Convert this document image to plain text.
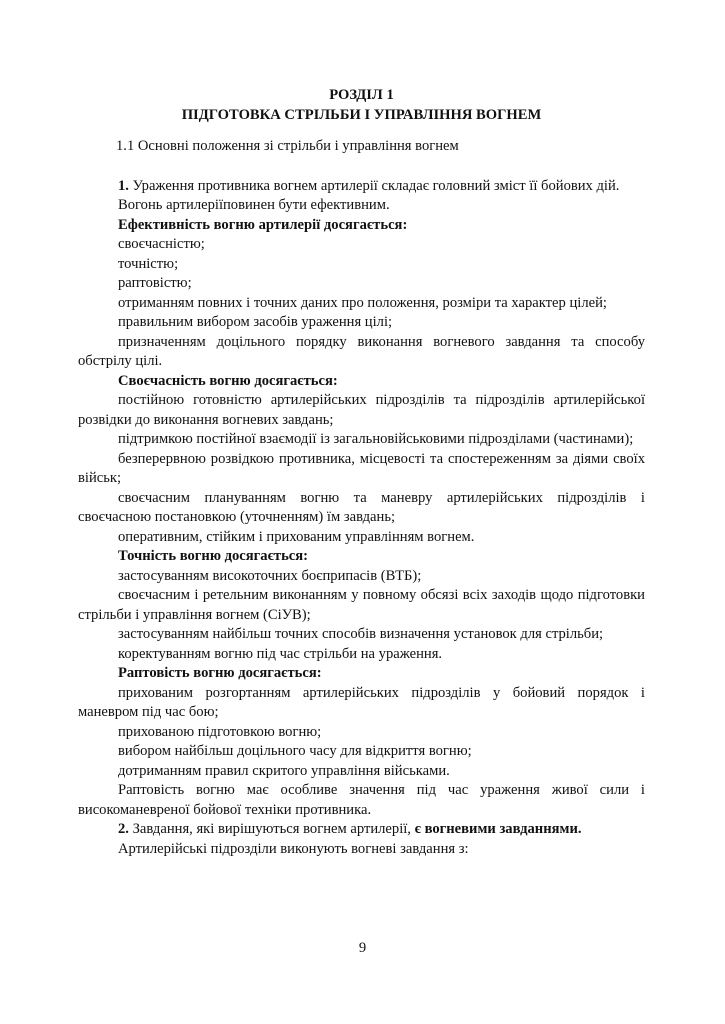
РОЗДІЛ 1
ПІДГОТОВКА СТРІЛЬБИ І УПРАВЛІННЯ ВОГНЕМ

1.1 Основні положення зі стрільби і управління вогнем

1. Ураження противника вогнем артилерії складає головний зміст її бойових дій.

Вогонь артилеріїповинен бути ефективним.

Ефективність вогню артилерії досягається:

своєчасністю;

точністю;

раптовістю;

отриманням повних і точних даних про положення, розміри та характер цілей;

правильним вибором засобів ураження цілі;

призначенням доцільного порядку виконання вогневого завдання та способу обстрілу цілі.

Своєчасність вогню досягається:

постійною готовністю артилерійських підрозділів та підрозділів артилерійської розвідки до виконання вогневих завдань;

підтримкою постійної взаємодії із загальновійськовими підрозділами (частинами);

безперервною розвідкою противника, місцевості та спостереженням за діями своїх військ;

своєчасним плануванням вогню та маневру артилерійських підрозділів і своєчасною постановкою (уточненням) їм завдань;

оперативним, стійким і прихованим управлінням вогнем.

Точність вогню досягається:

застосуванням високоточних боєприпасів (ВТБ);

своєчасним і ретельним виконанням у повному обсязі всіх заходів щодо підготовки стрільби і управління вогнем (СіУВ);

застосуванням найбільш точних способів визначення установок для стрільби;

коректуванням вогню під час стрільби на ураження.

Раптовість вогню досягається:

прихованим розгортанням артилерійських підрозділів у бойовий порядок і маневром під час бою;

прихованою підготовкою вогню;

вибором найбільш доцільного часу для відкриття вогню;

дотриманням правил скритого управління військами.

Раптовість вогню має особливе значення під час ураження живої сили і високоманевреної бойової техніки противника.

2. Завдання, які вирішуються вогнем артилерії, є вогневими завданнями.

Артилерійські підрозділи виконують вогневі завдання з:

9
